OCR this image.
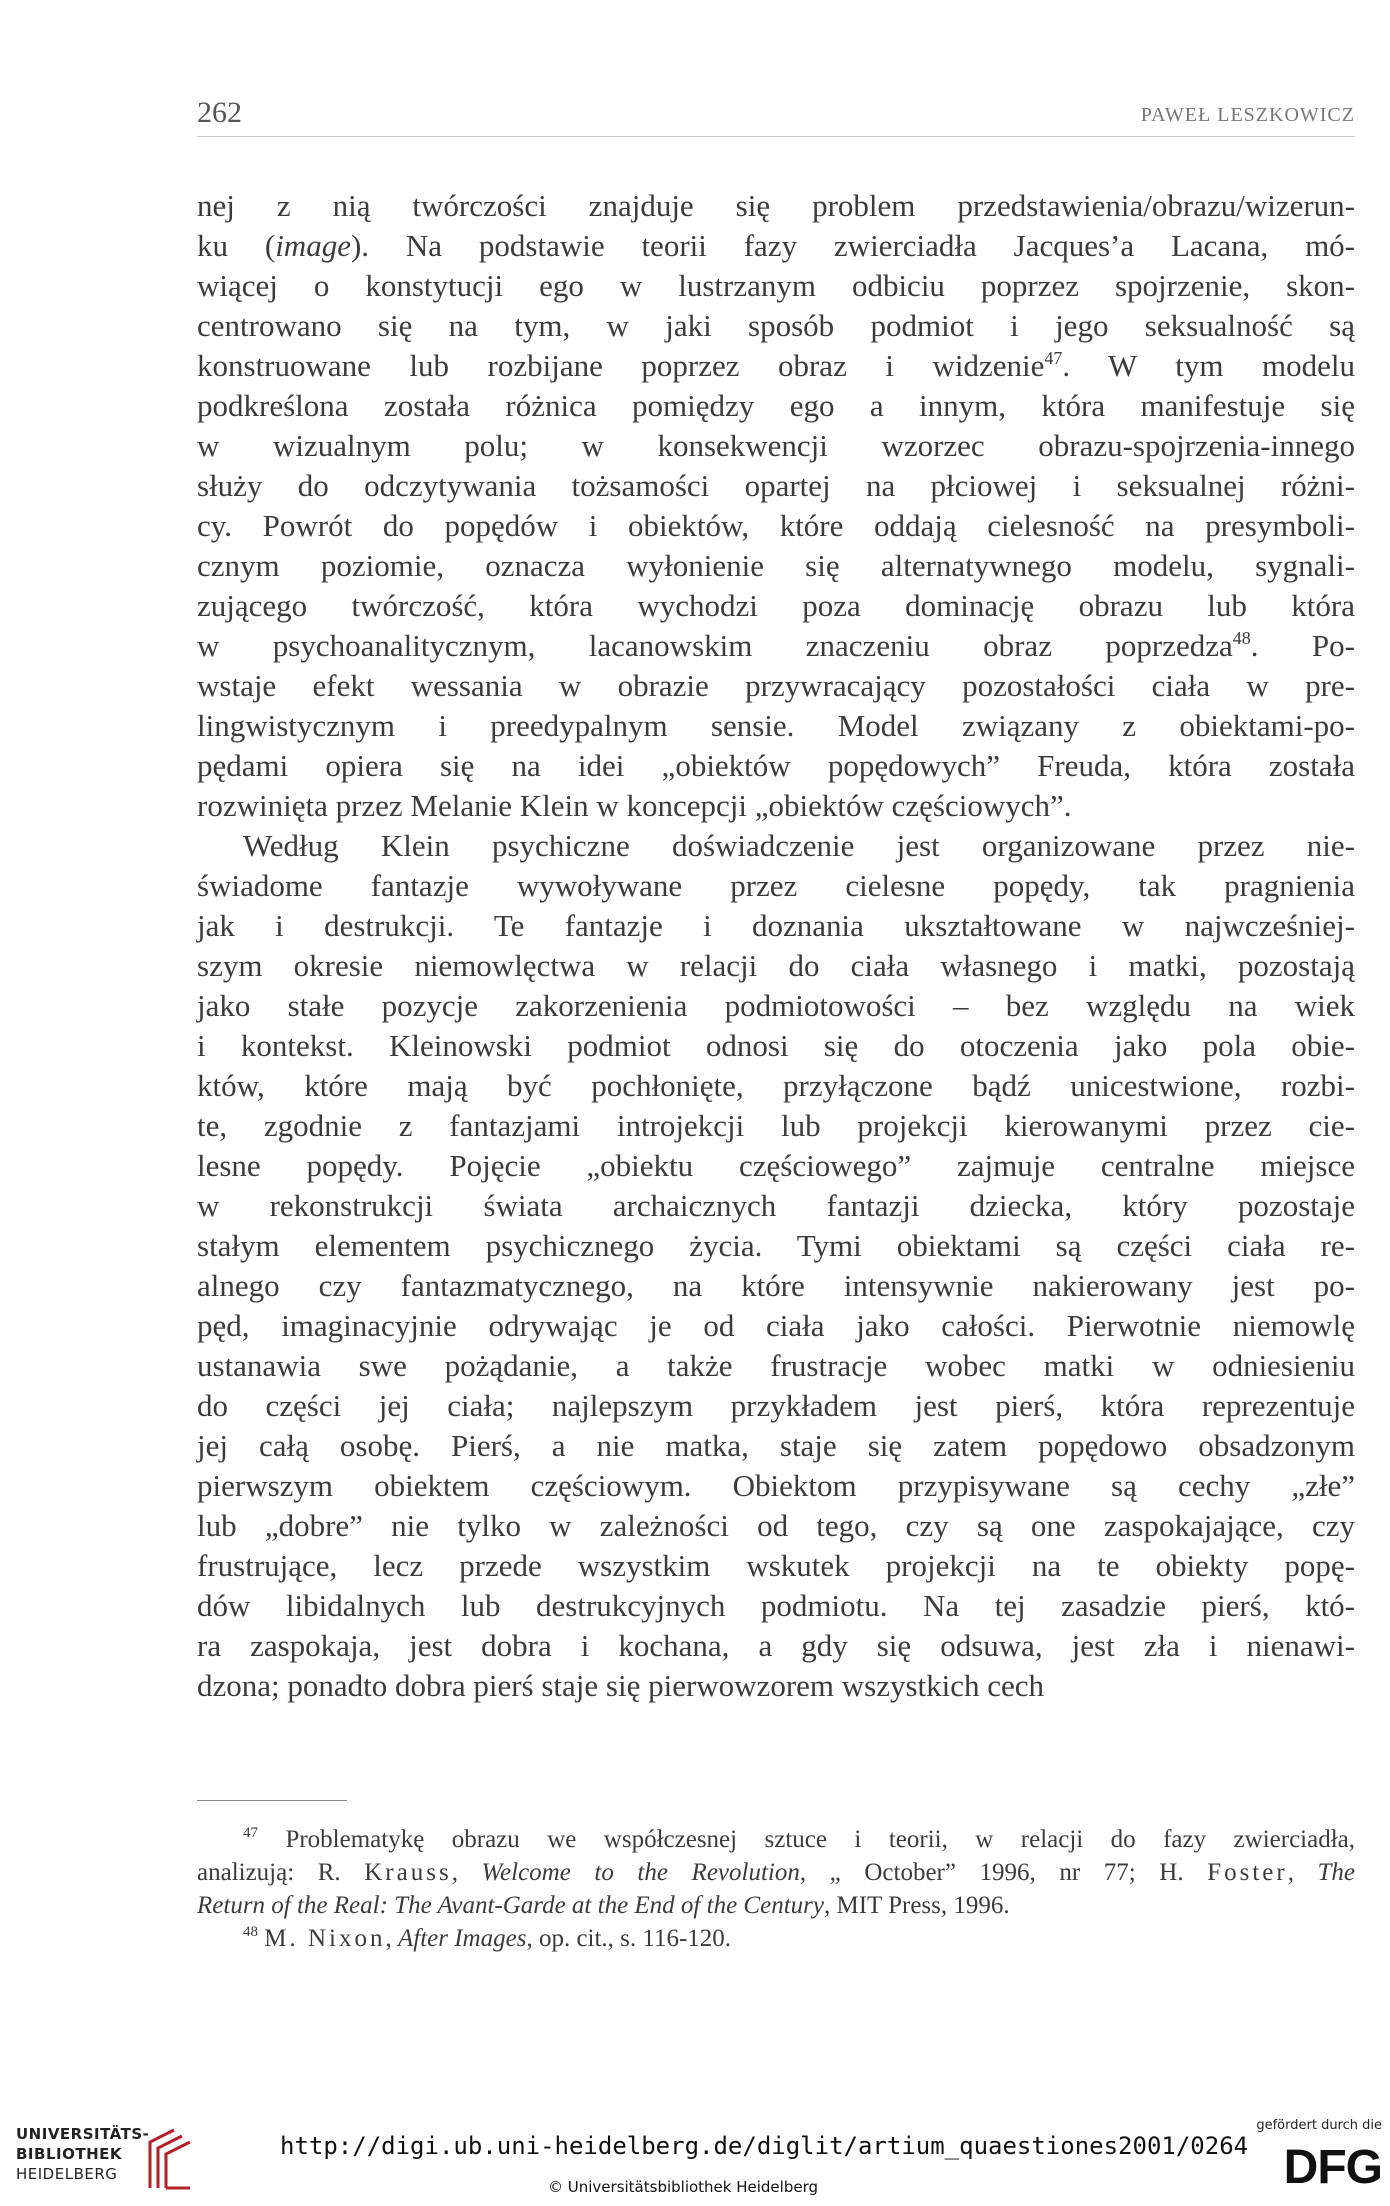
262	PAWEŁ LESZKOWICZ
nej z nią twórczości znajduje się problem przedstawienia/obrazu/wizerun-
ku (image). Na podstawie teorii fazy zwierciadła Jacques’a Lacana, mó-
wiącej o konstytucji ego w lustrzanym odbiciu poprzez spojrzenie, skon-
centrowano się na tym, w jaki sposób podmiot i jego seksualność są
konstruowane lub rozbijane poprzez obraz i widzenie$^{47}$. W tym modelu
podkreślona została różnica pomiędzy ego a innym, która manifestuje się
w wizualnym polu; w konsekwencji wzorzec obrazu-spojrzenia-innego
służy do odczytywania tożsamości opartej na płciowej i seksualnej różni-
cy. Powrót do popędów i obiektów, które oddają cielesność na presymboli-
cznym poziomie, oznacza wyłonienie się alternatywnego modelu, sygnali-
zującego twórczość, która wychodzi poza dominację obrazu lub która
w psychoanalitycznym, lacanowskim znaczeniu obraz poprzedza$^{48}$. Po-
wstaje efekt wessania w obrazie przywracający pozostałości ciała w pre-
lingwistycznym i preedypalnym sensie. Model związany z obiektami-po-
pędami opiera się na idei „obiektów popędowych” Freuda, która została
rozwinięta przez Melanie Klein w koncepcji „obiektów częściowych”.
Według Klein psychiczne doświadczenie jest organizowane przez nie-
świadome fantazje wywoływane przez cielesne popędy, tak pragnienia
jak i destrukcji. Te fantazje i doznania ukształtowane w najwcześniej-
szym okresie niemowlęctwa w relacji do ciała własnego i matki, pozostają
jako stałe pozycje zakorzenienia podmiotowości – bez względu na wiek
i kontekst. Kleinowski podmiot odnosi się do otoczenia jako pola obie-
któw, które mają być pochłonięte, przyłączone bądź unicestwione, rozbi-
te, zgodnie z fantazjami introjekcji lub projekcji kierowanymi przez cie-
lesne popędy. Pojęcie „obiektu częściowego” zajmuje centralne miejsce
w rekonstrukcji świata archaicznych fantazji dziecka, który pozostaje
stałym elementem psychicznego życia. Tymi obiektami są części ciała re-
alnego czy fantazmatycznego, na które intensywnie nakierowany jest po-
pęd, imaginacyjnie odrywając je od ciała jako całości. Pierwotnie niemowlę
ustanawia swe pożądanie, a także frustracje wobec matki w odniesieniu
do części jej ciała; najlepszym przykładem jest pierś, która reprezentuje
jej całą osobę. Pierś, a nie matka, staje się zatem popędowo obsadzonym
pierwszym obiektem częściowym. Obiektom przypisywane są cechy „złe”
lub „dobre” nie tylko w zależności od tego, czy są one zaspokajające, czy
frustrujące, lecz przede wszystkim wskutek projekcji na te obiekty popę-
dów libidalnych lub destrukcyjnych podmiotu. Na tej zasadzie pierś, któ-
ra zaspokaja, jest dobra i kochana, a gdy się odsuwa, jest zła i nienawi-
dzona; ponadto dobra pierś staje się pierwowzorem wszystkich cech
$^{47}$ Problematykę obrazu we współczesnej sztuce i teorii, w relacji do fazy zwierciadła,
analizują: R. Krauss, Welcome to the Revolution, „ October” 1996, nr 77; H. Foster, The
Return of the Real: The Avant-Garde at the End of the Century, MIT Press, 1996.
$^{48}$ M. Nixon, After Images, op. cit., s. 116-120.
UNIVERSITÄTS-
BIBLIOTHEK
HEIDELBERG
http://digi.ub.uni-heidelberg.de/diglit/artium_quaestiones2001/0264
© Universitätsbibliothek Heidelberg
gefördert durch die
DFG
